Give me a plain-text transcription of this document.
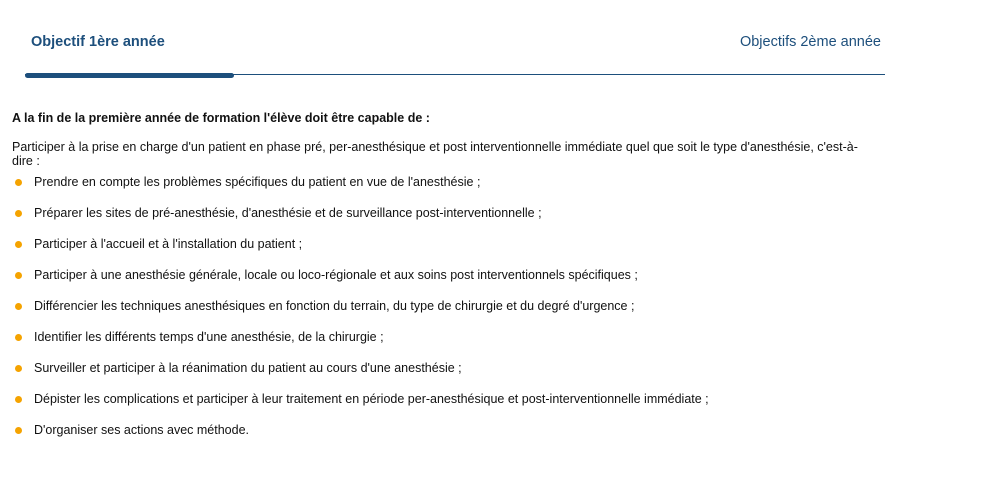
Objectif 1ère année	Objectifs 2ème année

A la fin de la première année de formation l'élève doit être capable de :

Participer à la prise en charge d'un patient en phase pré, per-anesthésique et post interventionnelle immédiate quel que soit le type d'anesthésie, c'est-à-dire :

Prendre en compte les problèmes spécifiques du patient en vue de l'anesthésie ;
Préparer les sites de pré-anesthésie, d'anesthésie et de surveillance post-interventionnelle ;
Participer à l'accueil et à l'installation du patient ;
Participer à une anesthésie générale, locale ou loco-régionale et aux soins post interventionnels spécifiques ;
Différencier les techniques anesthésiques en fonction du terrain, du type de chirurgie et du degré d'urgence ;
Identifier les différents temps d'une anesthésie, de la chirurgie ;
Surveiller et participer à la réanimation du patient au cours d'une anesthésie ;
Dépister les complications et participer à leur traitement en période per-anesthésique et post-interventionnelle immédiate ;
D'organiser ses actions avec méthode.
